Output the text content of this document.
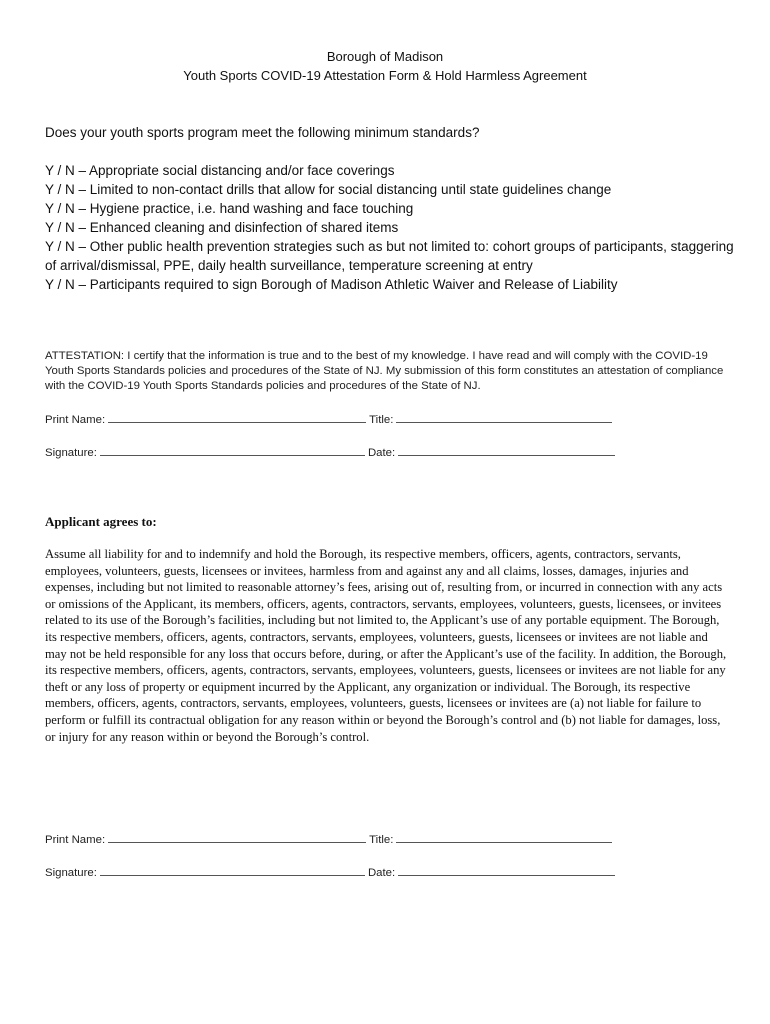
Borough of Madison
Youth Sports COVID-19 Attestation Form & Hold Harmless Agreement
Does your youth sports program meet the following minimum standards?
Y / N – Appropriate social distancing and/or face coverings
Y / N – Limited to non-contact drills that allow for social distancing until state guidelines change
Y / N – Hygiene practice, i.e. hand washing and face touching
Y / N – Enhanced cleaning and disinfection of shared items
Y / N – Other public health prevention strategies such as but not limited to: cohort groups of participants, staggering of arrival/dismissal, PPE, daily health surveillance, temperature screening at entry
Y / N – Participants required to sign Borough of Madison Athletic Waiver and Release of Liability
ATTESTATION: I certify that the information is true and to the best of my knowledge. I have read and will comply with the COVID-19 Youth Sports Standards policies and procedures of the State of NJ. My submission of this form constitutes an attestation of compliance with the COVID-19 Youth Sports Standards policies and procedures of the State of NJ.
Print Name:	Title:
Signature:	Date:
Applicant agrees to:
Assume all liability for and to indemnify and hold the Borough, its respective members, officers, agents, contractors, servants, employees, volunteers, guests, licensees or invitees, harmless from and against any and all claims, losses, damages, injuries and expenses, including but not limited to reasonable attorney’s fees, arising out of, resulting from, or incurred in connection with any acts or omissions of the Applicant, its members, officers, agents, contractors, servants, employees, volunteers, guests, licensees, or invitees related to its use of the Borough’s facilities, including but not limited to, the Applicant’s use of any portable equipment. The Borough, its respective members, officers, agents, contractors, servants, employees, volunteers, guests, licensees or invitees are not liable and may not be held responsible for any loss that occurs before, during, or after the Applicant’s use of the facility. In addition, the Borough, its respective members, officers, agents, contractors, servants, employees, volunteers, guests, licensees or invitees are not liable for any theft or any loss of property or equipment incurred by the Applicant, any organization or individual. The Borough, its respective members, officers, agents, contractors, servants, employees, volunteers, guests, licensees or invitees are (a) not liable for failure to perform or fulfill its contractual obligation for any reason within or beyond the Borough’s control and (b) not liable for damages, loss, or injury for any reason within or beyond the Borough’s control.
Print Name:	Title:
Signature:	Date:
